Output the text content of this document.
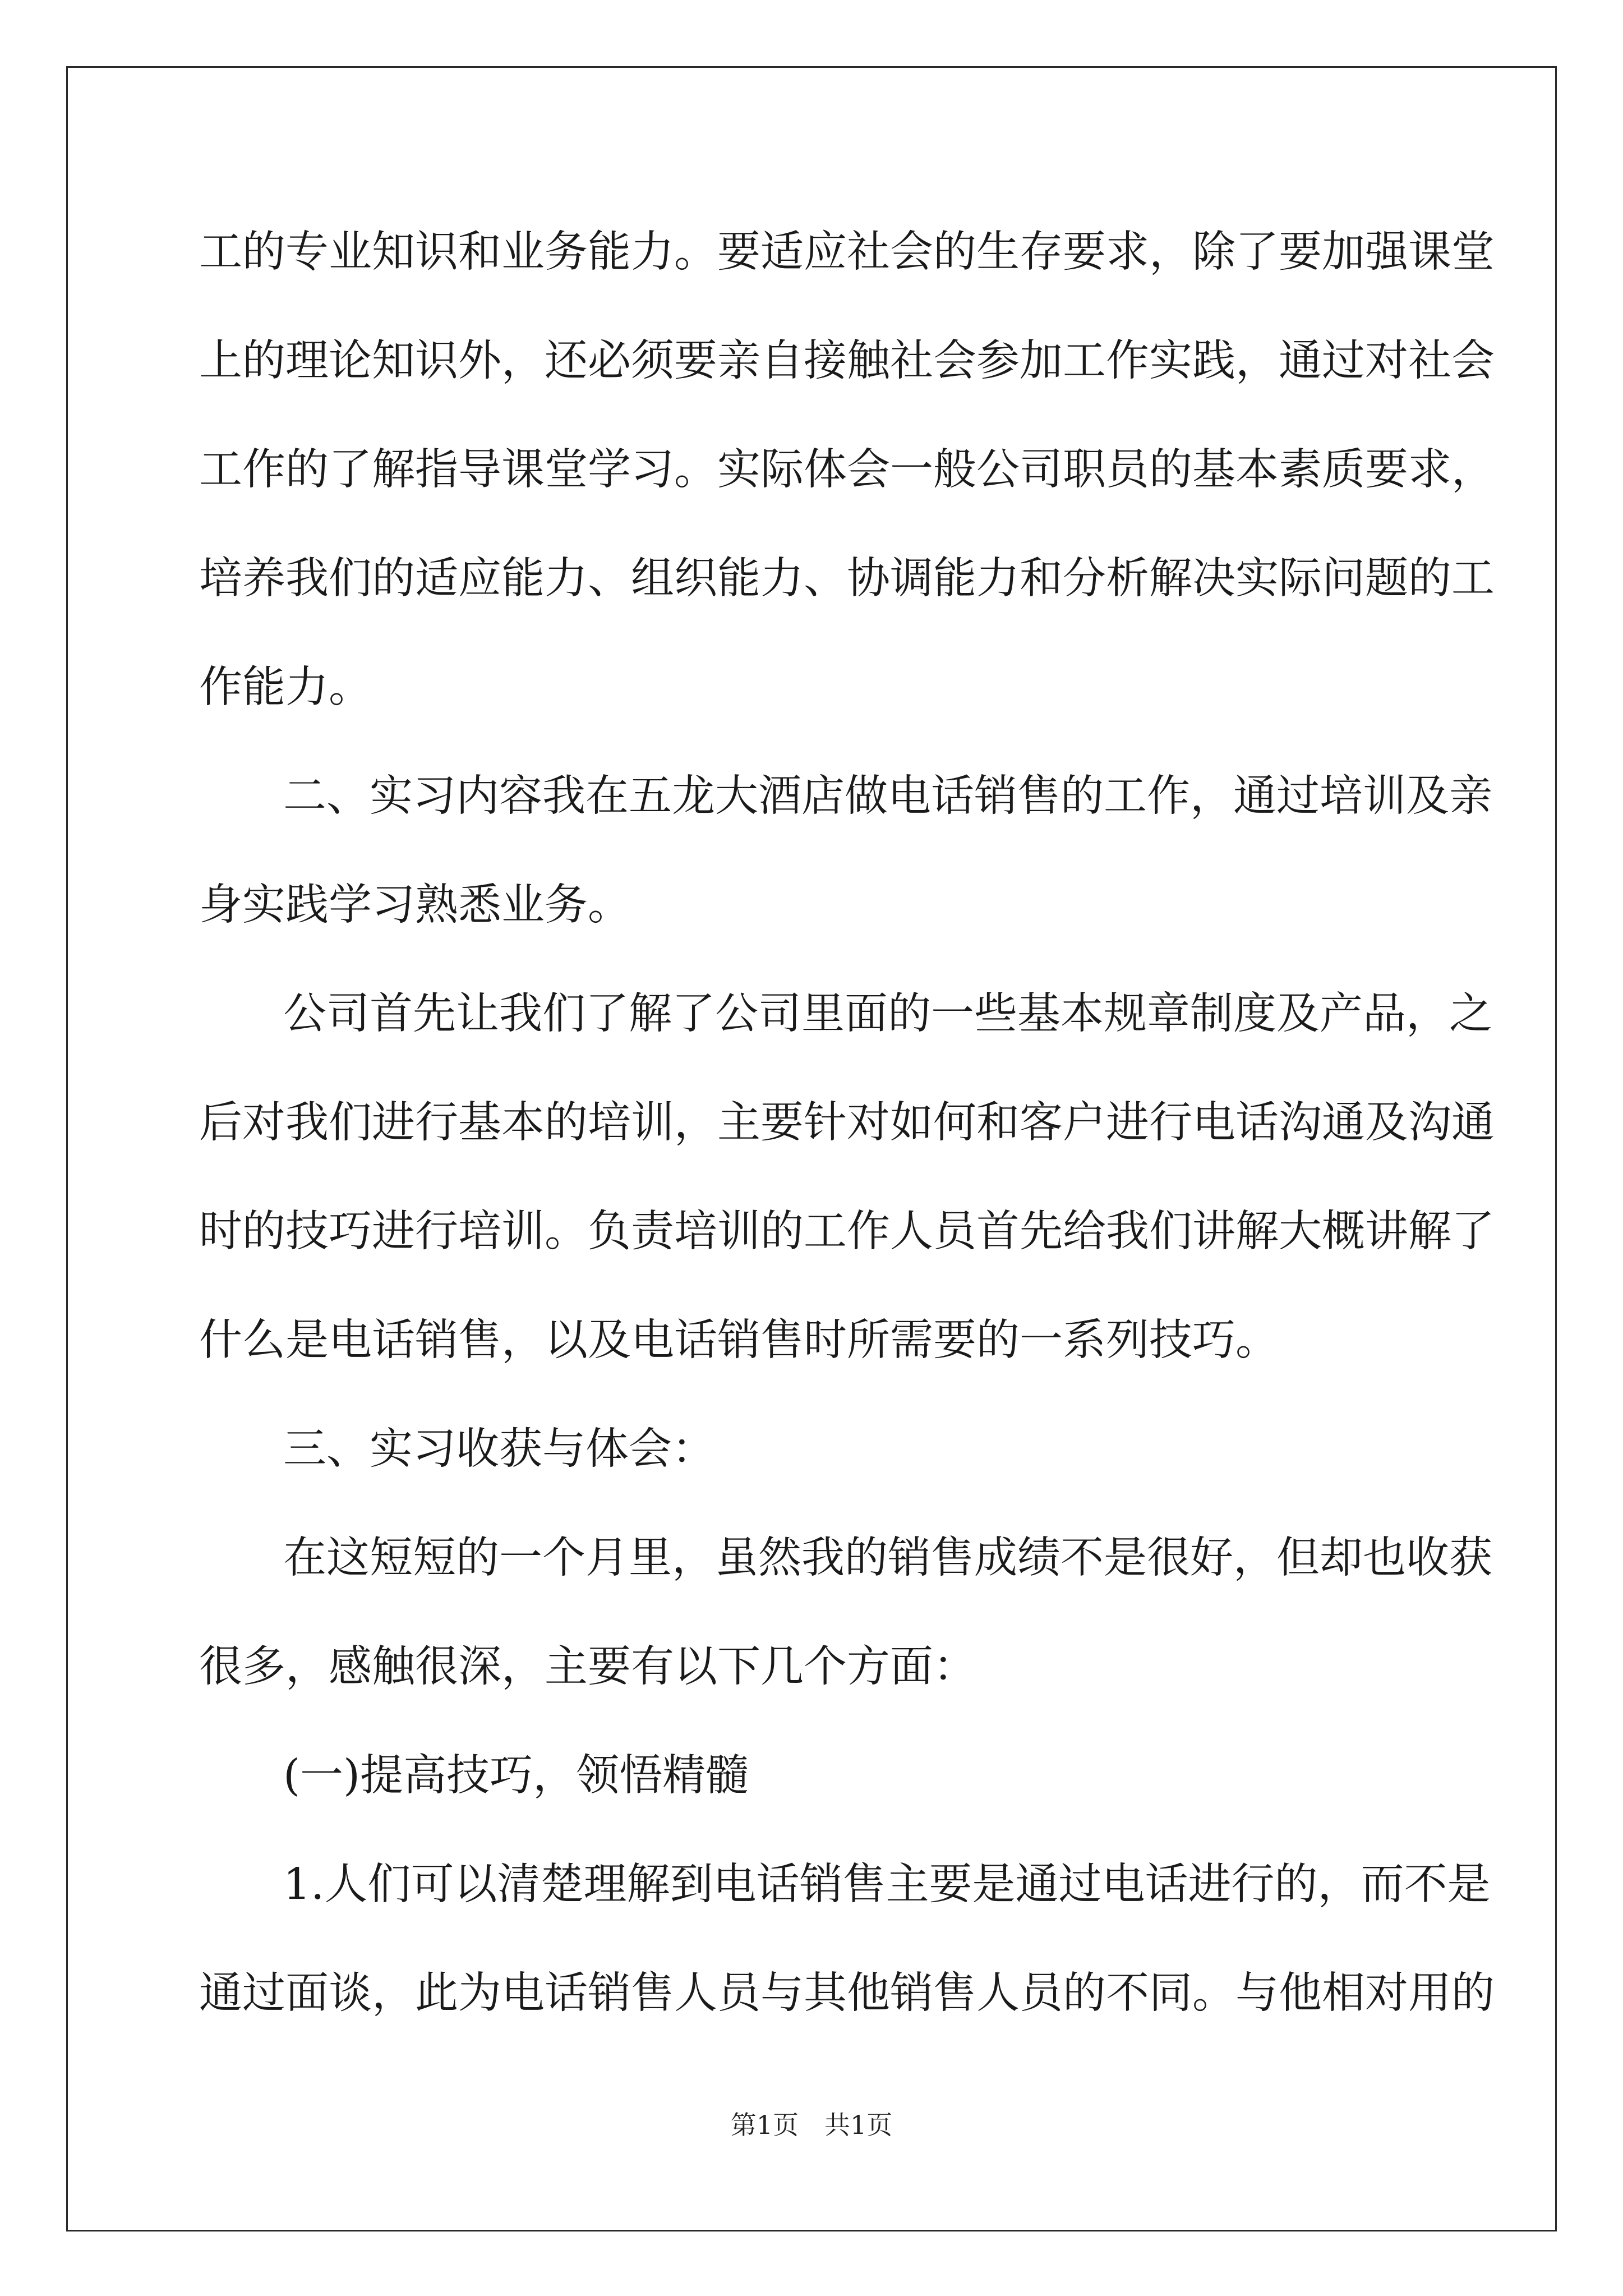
工的专业知识和业务能力。要适应社会的生存要求，除了要加强课堂
上的理论知识外，还必须要亲自接触社会参加工作实践，通过对社会
工作的了解指导课堂学习。实际体会一般公司职员的基本素质要求，
培养我们的适应能力、组织能力、协调能力和分析解决实际问题的工
作能力。
二、实习内容我在五龙大酒店做电话销售的工作，通过培训及亲
身实践学习熟悉业务。
公司首先让我们了解了公司里面的一些基本规章制度及产品，之
后对我们进行基本的培训，主要针对如何和客户进行电话沟通及沟通
时的技巧进行培训。负责培训的工作人员首先给我们讲解大概讲解了
什么是电话销售，以及电话销售时所需要的一系列技巧。
三、实习收获与体会：
在这短短的一个月里，虽然我的销售成绩不是很好，但却也收获
很多，感触很深，主要有以下几个方面：
(一)提高技巧，领悟精髓
1.人们可以清楚理解到电话销售主要是通过电话进行的，而不是
通过面谈，此为电话销售人员与其他销售人员的不同。与他相对用的
第1页　共1页
